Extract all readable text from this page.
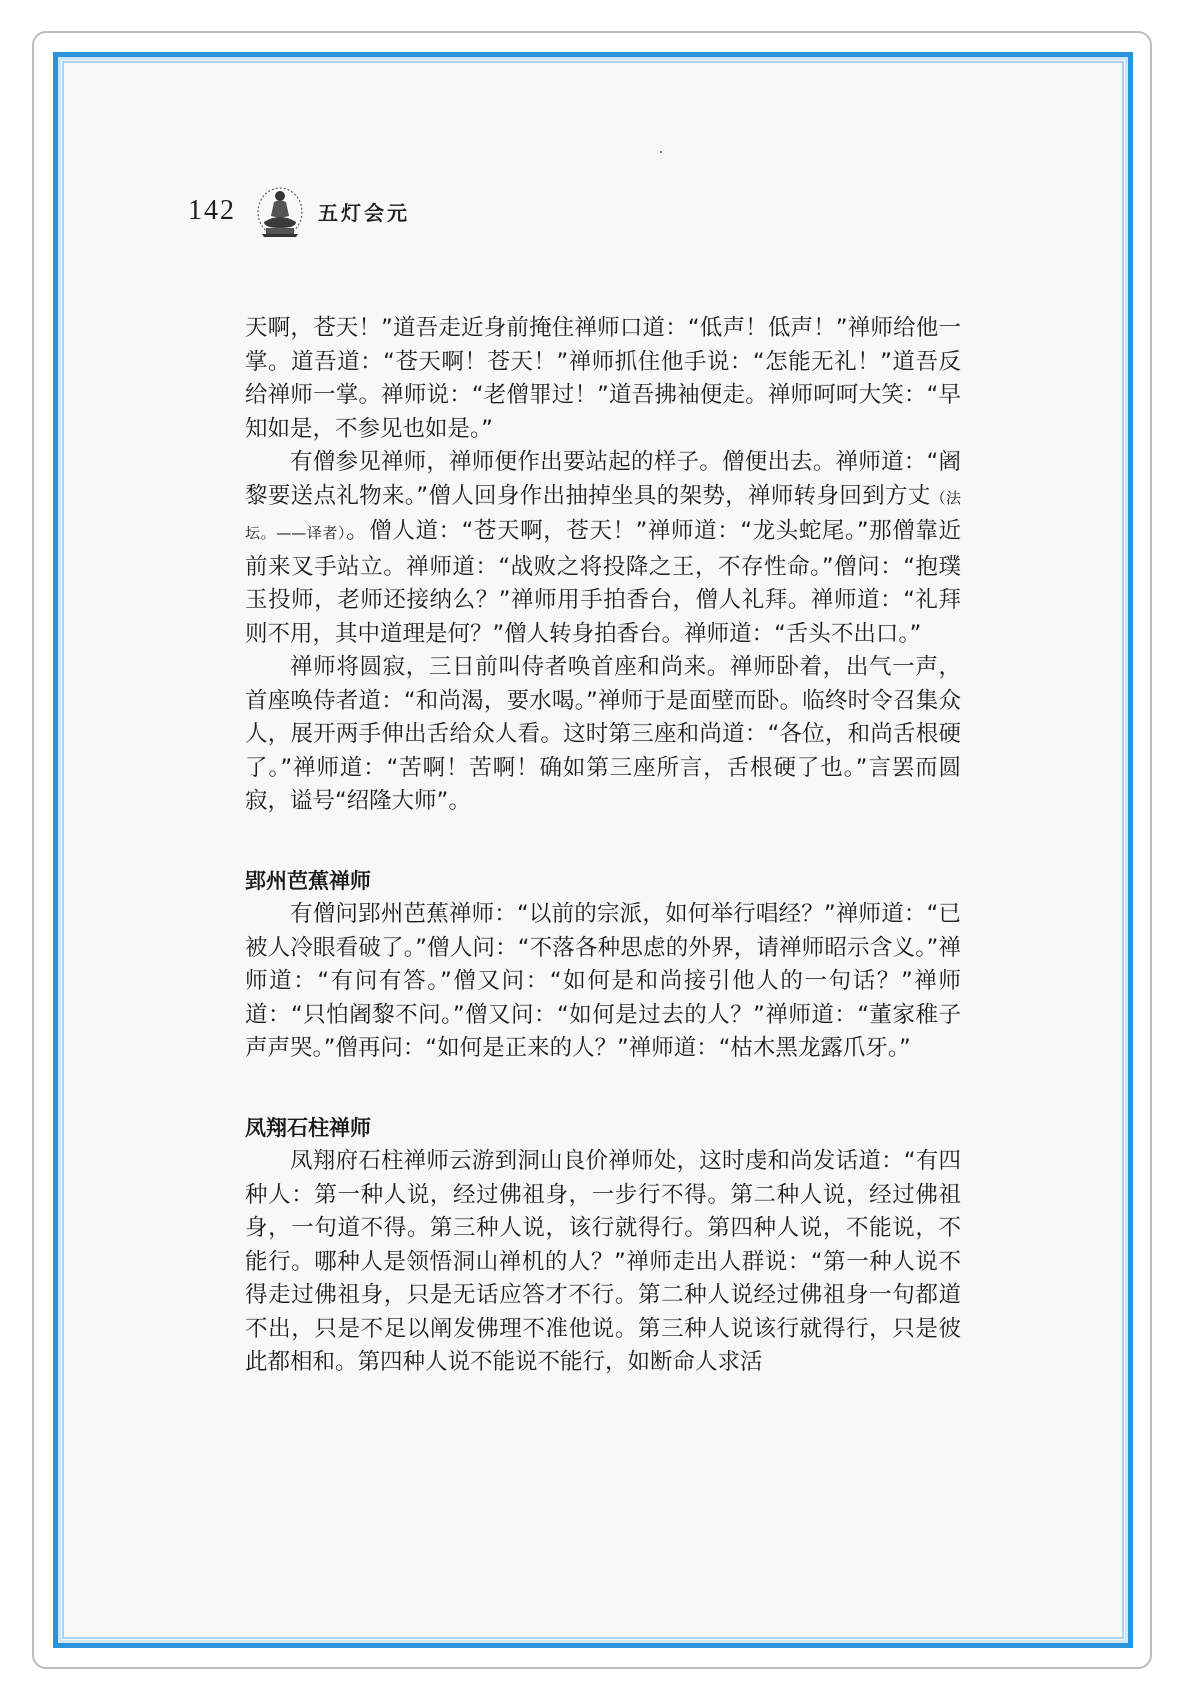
142	五灯会元

天啊，苍天！”道吾走近身前掩住禅师口道：“低声！低声！”禅师给他一掌。道吾道：“苍天啊！苍天！”禅师抓住他手说：“怎能无礼！”道吾反给禅师一掌。禅师说：“老僧罪过！”道吾拂袖便走。禅师呵呵大笑：“早知如是，不参见也如是。”

有僧参见禅师，禅师便作出要站起的样子。僧便出去。禅师道：“阇黎要送点礼物来。”僧人回身作出抽掉坐具的架势，禅师转身回到方丈（法坛。——译者）。僧人道：“苍天啊，苍天！”禅师道：“龙头蛇尾。”那僧靠近前来叉手站立。禅师道：“战败之将投降之王，不存性命。”僧问：“抱璞玉投师，老师还接纳么？”禅师用手拍香台，僧人礼拜。禅师道：“礼拜则不用，其中道理是何？”僧人转身拍香台。禅师道：“舌头不出口。”

禅师将圆寂，三日前叫侍者唤首座和尚来。禅师卧着，出气一声，首座唤侍者道：“和尚渴，要水喝。”禅师于是面壁而卧。临终时令召集众人，展开两手伸出舌给众人看。这时第三座和尚道：“各位，和尚舌根硬了。”禅师道：“苦啊！苦啊！确如第三座所言，舌根硬了也。”言罢而圆寂，谥号“绍隆大师”。

郢州芭蕉禅师

有僧问郢州芭蕉禅师：“以前的宗派，如何举行唱经？”禅师道：“已被人冷眼看破了。”僧人问：“不落各种思虑的外界，请禅师昭示含义。”禅师道：“有问有答。”僧又问：“如何是和尚接引他人的一句话？”禅师道：“只怕阇黎不问。”僧又问：“如何是过去的人？”禅师道：“董家稚子声声哭。”僧再问：“如何是正来的人？”禅师道：“枯木黑龙露爪牙。”

凤翔石柱禅师

凤翔府石柱禅师云游到洞山良价禅师处，这时虔和尚发话道：“有四种人：第一种人说，经过佛祖身，一步行不得。第二种人说，经过佛祖身，一句道不得。第三种人说，该行就得行。第四种人说，不能说，不能行。哪种人是领悟洞山禅机的人？”禅师走出人群说：“第一种人说不得走过佛祖身，只是无话应答才不行。第二种人说经过佛祖身一句都道不出，只是不足以阐发佛理不准他说。第三种人说该行就得行，只是彼此都相和。第四种人说不能说不能行，如断命人求活
